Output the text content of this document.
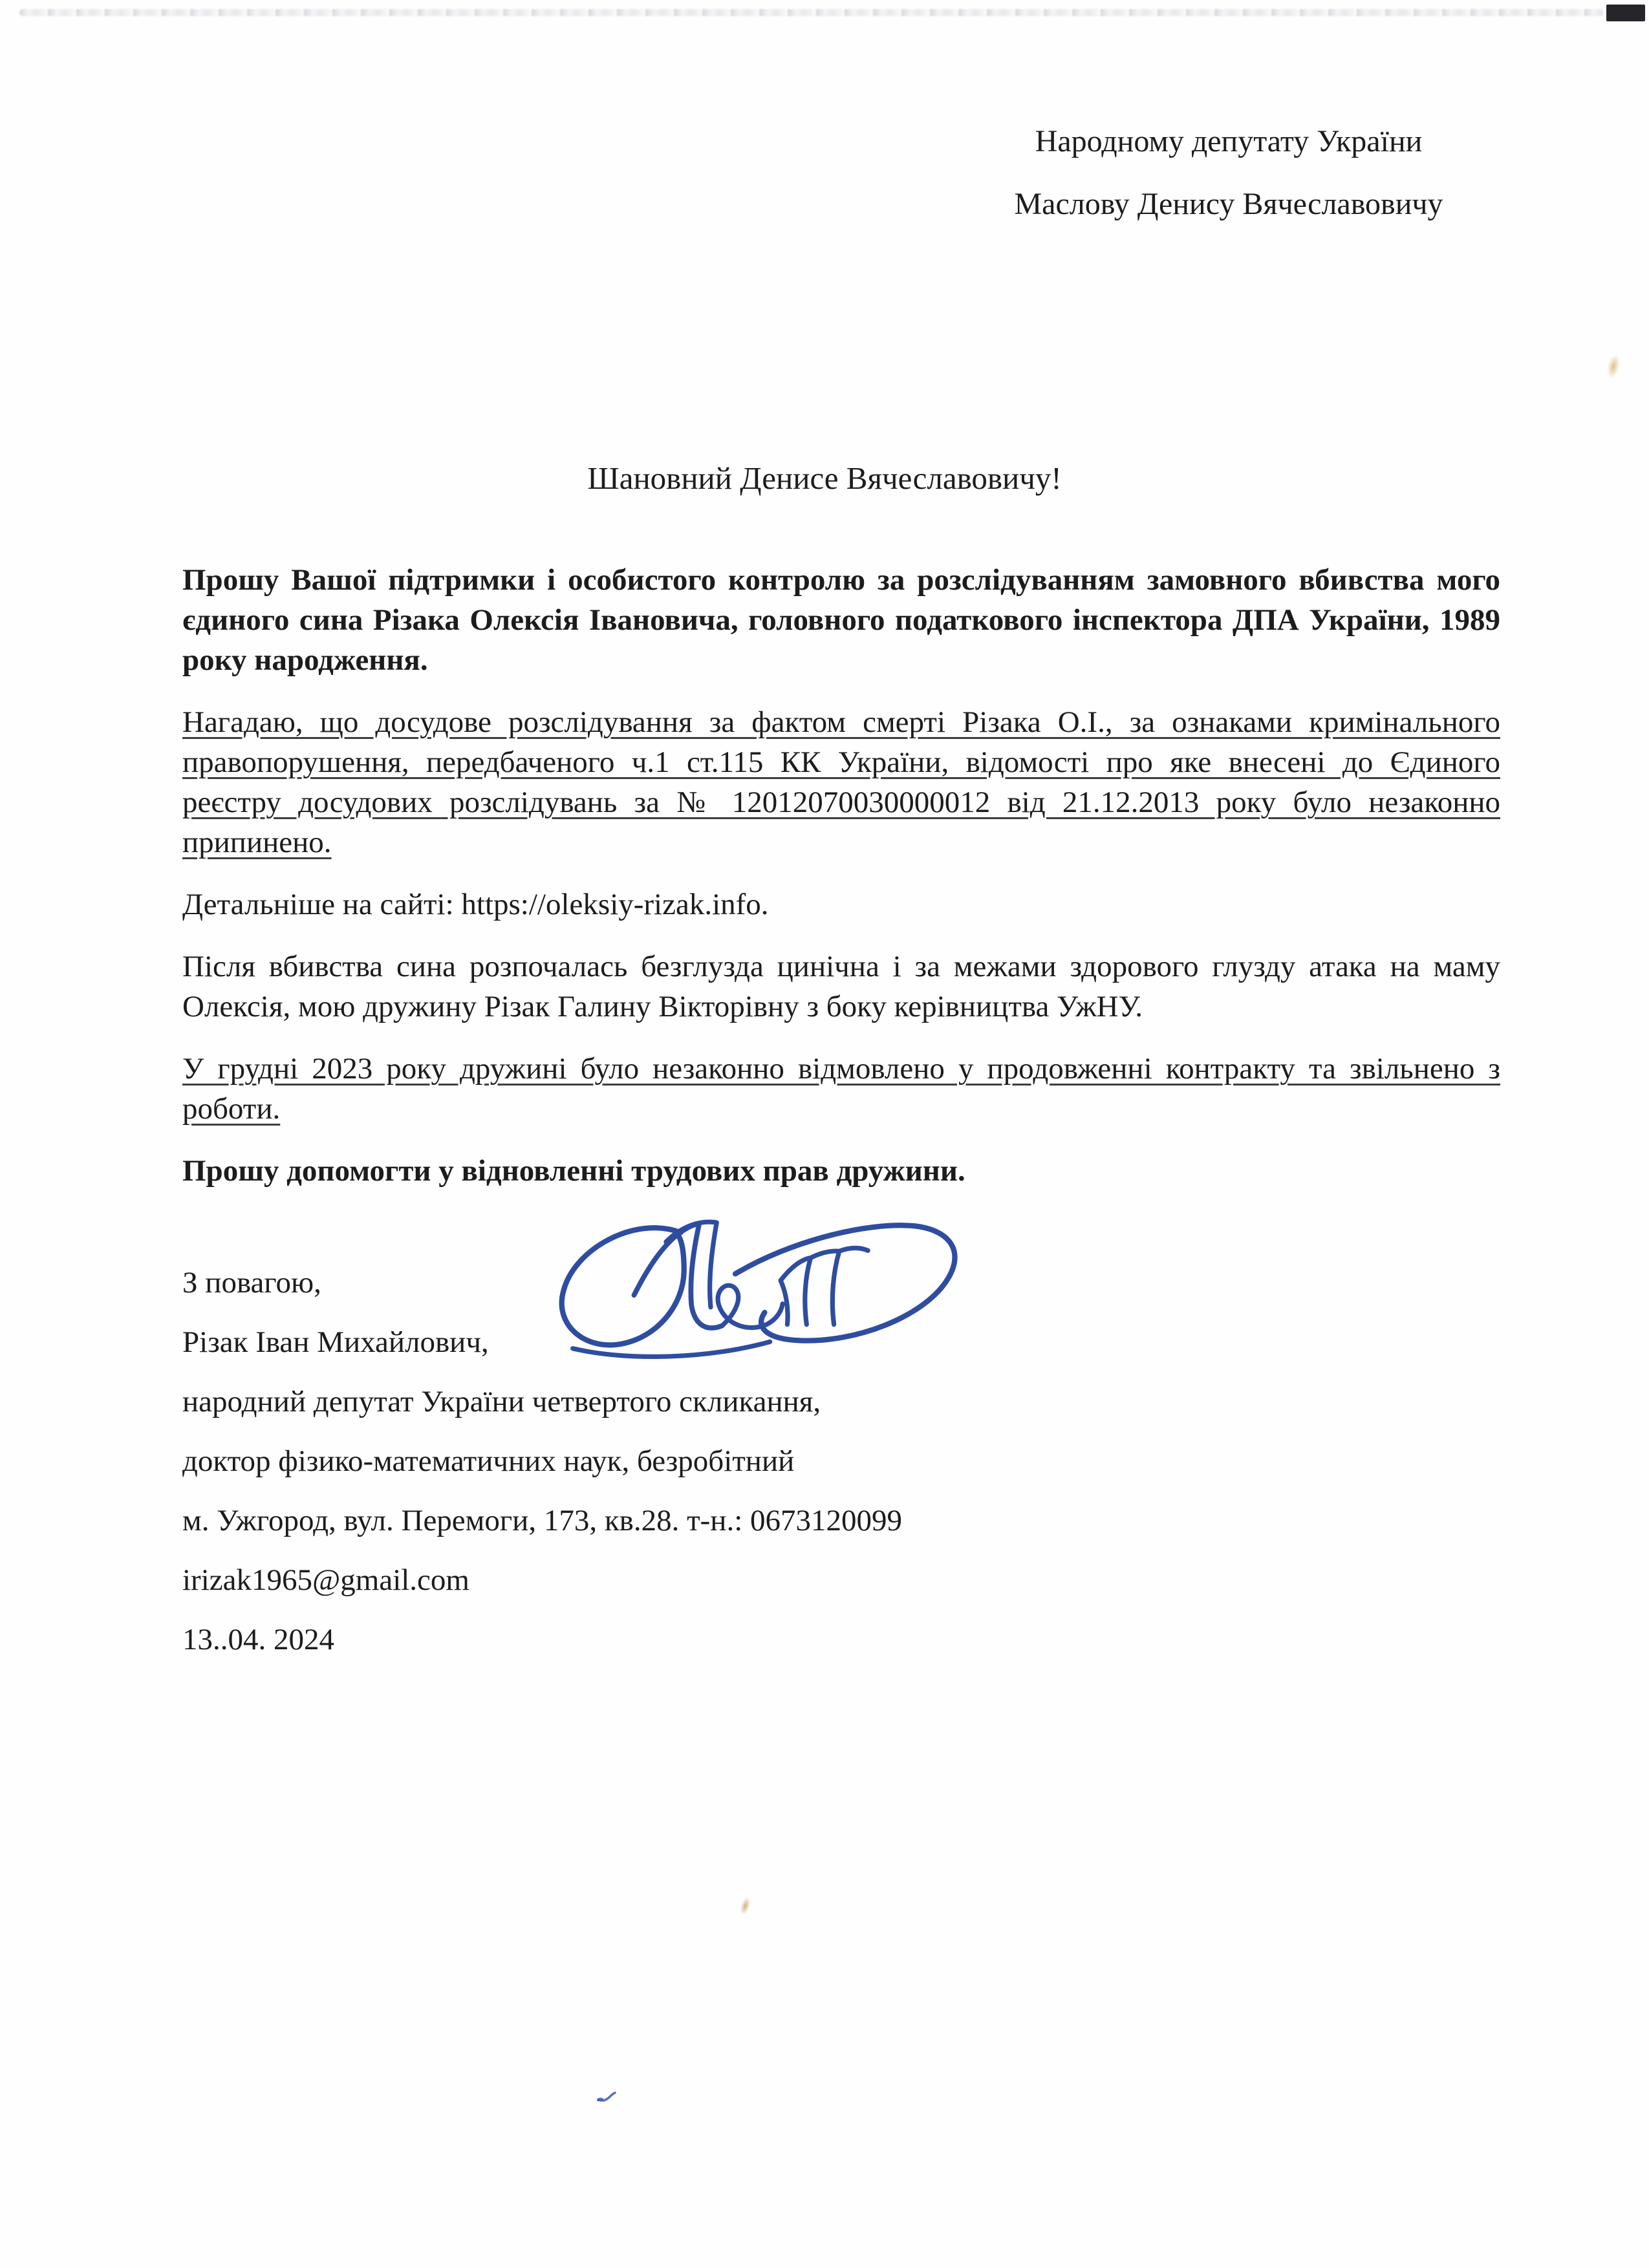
Народному депутату України
Маслову Денису Вячеславовичу
Шановний Денисе Вячеславовичу!

Прошу Вашої підтримки і особистого контролю за розслідуванням замовного вбивства мого єдиного сина Різака Олексія Івановича, головного податкового інспектора ДПА України, 1989 року народження.

Нагадаю, що досудове розслідування за фактом смерті Різака О.І., за ознаками кримінального правопорушення, передбаченого ч.1 ст.115 КК України, відомості про яке внесені до Єдиного реєстру досудових розслідувань за № 12012070030000012 від 21.12.2013 року було незаконно припинено.

Детальніше на сайті: https://oleksiy-rizak.info.

Після вбивства сина розпочалась безглузда цинічна і за межами здорового глузду атака на маму Олексія, мою дружину Різак Галину Вікторівну з боку керівництва УжНУ.

У грудні 2023 року дружині було незаконно відмовлено у продовженні контракту та звільнено з роботи.

Прошу допомогти у відновленні трудових прав дружини.

З повагою,
Різак Іван Михайлович,
народний депутат України четвертого скликання,
доктор фізико-математичних наук, безробітний
м. Ужгород, вул. Перемоги, 173, кв.28. т-н.: 0673120099
irizak1965@gmail.com
13..04. 2024
